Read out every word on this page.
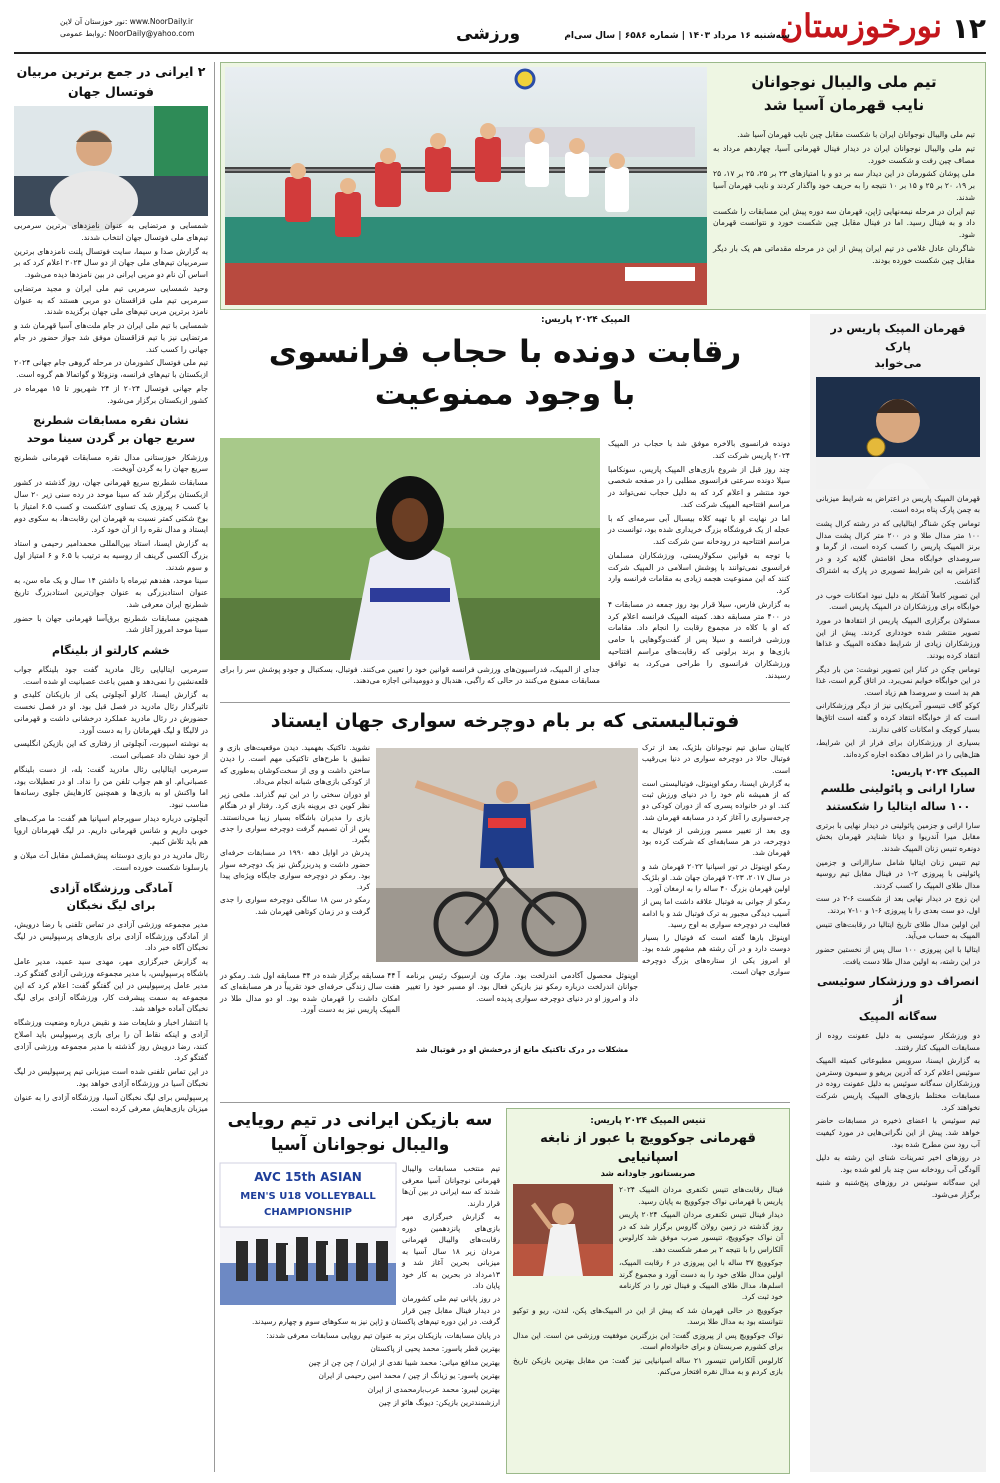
۱۲
نورخوزستان
سه‌شنبه ۱۶ مرداد ۱۴۰۳ | شماره ۶۵۸۶ | سال سی‌ام
ورزشی
نور خوزستان آن لاین: www.NoorDaily.ir
روابط عمومی: NoorDaily@yahoo.com
تیم ملی والیبال نوجوانان
نایب قهرمان آسیا شد

تیم ملی والیبال نوجوانان ایران با شکست مقابل چین نایب قهرمان آسیا شد.

تیم ملی والیبال نوجوانان ایران در دیدار فینال قهرمانی آسیا، چهاردهم مرداد به مصاف چین رفت و شکست خورد.

ملی پوشان کشورمان در این دیدار سه بر دو و با امتیازهای ۲۳ بر ۲۵، ۲۵ بر ۱۷، ۲۵ بر ۱۹، ۲۰ بر ۲۵ و ۱۵ بر ۱۰ نتیجه را به حریف خود واگذار کردند و نایب قهرمان آسیا شدند.

تیم ایران در مرحله نیمه‌نهایی ژاپن، قهرمان سه دوره پیش این مسابقات را شکست داد و به فینال رسید. اما در فینال مقابل چین شکست خورد و نتوانست قهرمان شود.

شاگردان عادل غلامی در تیم ایران پیش از این در مرحله مقدماتی هم یک بار دیگر مقابل چین شکست خورده بودند.

۲ ایرانی در جمع برترین مربیان
فوتسال جهان

شمسایی و مرتضایی به عنوان نامزدهای برترین سرمربی تیم‌های ملی فوتسال جهان انتخاب شدند.

به گزارش صدا و سیما، سایت فوتسال پلنت نامزدهای برترین سرمربیان تیم‌های ملی جهان از دو سال ۲۰۲۳ اعلام کرد که بر اساس آن نام دو مربی ایرانی در بین نامزدها دیده می‌شود.

وحید شمسایی سرمربی تیم ملی ایران و مجید مرتضایی سرمربی تیم ملی قزاقستان دو مربی هستند که به عنوان نامزد برترین مربی تیم‌های ملی جهان برگزیده شدند.

شمسایی با تیم ملی ایران در جام ملت‌های آسیا قهرمان شد و مرتضایی نیز با تیم قزاقستان موفق شد جواز حضور در جام جهانی را کسب کند.

تیم ملی فوتسال کشورمان در مرحله گروهی جام جهانی ۲۰۲۴ ازبکستان با تیم‌های فرانسه، ونزوئلا و گواتمالا هم گروه است.

جام جهانی فوتسال ۲۰۲۴ از ۲۴ شهریور تا ۱۵ مهرماه در کشور ازبکستان برگزار می‌شود.

نشان نقره مسابقات شطرنج
سریع جهان بر گردن سینا موحد

ورزشکار خوزستانی مدال نقره مسابقات قهرمانی شطرنج سریع جهان را به گردن آویخت.

مسابقات شطرنج سریع قهرمانی جهان، روز گذشته در کشور ازبکستان برگزار شد که سینا موحد در رده سنی زیر ۲۰ سال با کسب ۶ پیروزی یک تساوی ۲شکست و کسب ۶.۵ امتیاز با بوخ شکنی کمتر نسبت به قهرمان این رقابت‌ها، به سکوی دوم ایستاد و مدال نقره را از آن خود کرد.

به گزارش ایسنا، استاد بین‌المللی محمدامیر رحیمی و استاد بزرگ آلکسی گرینف از روسیه به ترتیب با ۶.۵ و ۶ امتیاز اول و سوم شدند.

سینا موحد، هفدهم تیرماه با داشتن ۱۴ سال و یک ماه سن، به عنوان استادبزرگی به عنوان جوان‌ترین استادبزرگ تاریخ شطرنج ایران معرفی شد.

همچنین مسابقات شطرنج برق‌آسا قهرمانی جهان با حضور سینا موحد امروز آغاز شد.

خشم کارلتو از بلینگام

سرمربی ایتالیایی رئال مادرید گفت جود بلینگام جواب قلعه‌نشین را نمی‌دهد و همین باعث عصبانیت او شده است.

به گزارش ایسنا، کارلو آنچلوتی یکی از بازیکنان کلیدی و تاثیرگذار رئال مادرید در فصل قبل بود. او در فصل نخست حضورش در رئال مادرید عملکرد درخشانی داشت و قهرمانی در لالیگا و لیگ قهرمانان را به دست آورد.

به نوشته اسپورت، آنچلوتی از رفتاری که این بازیکن انگلیسی از خود نشان داد عصبانی است.

سرمربی ایتالیایی رئال مادرید گفت: بله، از دست بلینگام عصبانی‌ام. او هم جواب تلفن من را نداد. او در تعطیلات بود، اما واکنش او به بازی‌ها و همچنین کارهایش جلوی رسانه‌ها مناسب نبود.

آنچلوتی درباره دیدار سوپرجام اسپانیا هم گفت: ما مرکب‌های خوبی داریم و شانس قهرمانی داریم. در لیگ قهرمانان اروپا هم باید تلاش کنیم.

رئال مادرید در دو بازی دوستانه پیش‌فصلش مقابل آث میلان و بارسلونا شکست خورده است.

آمادگی ورزشگاه آزادی
برای لیگ نخبگان

مدیر مجموعه ورزشی آزادی در تماس تلفنی با رضا درویش، از آمادگی ورزشگاه آزادی برای بازی‌های پرسپولیس در لیگ نخبگان آگاه خبر داد.

به گزارش خبرگزاری مهر، مهدی سید عمید، مدیر عامل باشگاه پرسپولیس، با مدیر مجموعه ورزشی آزادی گفتگو کرد. مدیر عامل پرسپولیس در این گفتگو گفت: اعلام کرد که این مجموعه به سمت پیشرفت کار، ورزشگاه آزادی برای لیگ نخبگان آماده خواهد شد.

با انتشار اخبار و شایعات ضد و نقیض درباره وضعیت ورزشگاه آزادی و اینکه نقاط آن را برای بازی پرسپولیس باید اصلاح کنند، رضا درویش روز گذشته با مدیر مجموعه ورزشی آزادی گفتگو کرد.

در این تماس تلفنی شده است میزبانی تیم پرسپولیس در لیگ نخبگان آسیا در ورزشگاه آزادی خواهد بود.

پرسپولیس برای لیگ نخبگان آسیا، ورزشگاه آزادی را به عنوان میزبان بازی‌هایش معرفی کرده است.

قهرمان المپیک پاریس در پارک
می‌خوابد

قهرمان المپیک پاریس در اعتراض به شرایط میزبانی به چمن پارک پناه برده است.

توماس چکن شناگر ایتالیایی که در رشته کرال پشت ۱۰۰ متر مدال طلا و در ۲۰۰ متر کرال پشت مدال برنز المپیک پاریس را کسب کرده است، از گرما و سروصدای خوابگاه محل اقامتش گلایه کرد و در اعتراض به این شرایط تصویری در پارک به اشتراک گذاشت.

این تصویر کاملاً آشکار به دلیل نبود امکانات خوب در خوابگاه برای ورزشکاران در المپیک پاریس است.

مسئولان برگزاری المپیک پاریس از انتقادها در مورد تصویر منتشر شده خودداری کردند. پیش از این ورزشکاران زیادی از شرایط دهکده المپیک و غذاها انتقاد کرده بودند.

توماس چکن در کنار این تصویر نوشت: من بار دیگر در این خوابگاه خوابم نمی‌برد. در اتاق گرم است، غذا هم بد است و سروصدا هم زیاد است.

کوکو گاف تنیسور آمریکایی نیز از دیگر ورزشکارانی است که از خوابگاه انتقاد کرده و گفته است اتاق‌ها بسیار کوچک و امکانات کافی ندارند.

بسیاری از ورزشکاران برای فرار از این شرایط، هتل‌هایی را در اطراف دهکده اجاره کرده‌اند.

المپیک ۲۰۲۴ پاریس:
سارا ارانی و پائولینی طلسم
۱۰۰ ساله ایتالیا را شکستند

سارا ارانی و جزمین پائولینی در دیدار نهایی با برتری مقابل میرا آندریوا و دیانا شنایدر قهرمان بخش دونفره تنیس زنان المپیک شدند.

تیم تنیس زنان ایتالیا شامل ساراارانی و جزمین پائولینی با پیروزی ۲-۱ در فینال مقابل تیم روسیه مدال طلای المپیک را کسب کردند.

این زوج در دیدار نهایی بعد از شکست ۶-۲ در ست اول، دو ست بعدی را با پیروزی ۶-۱ و ۱۰-۷ بردند.

این اولین مدال طلای تاریخ ایتالیا در رقابت‌های تنیس المپیک به حساب می‌آید.

ایتالیا با این پیروزی ۱۰۰ سال پس از نخستین حضور در این رشته، به اولین مدال طلا دست یافت.

انصراف دو ورزشکار سوئیسی از
سه‌گانه المپیک

دو ورزشکار سوئیسی به دلیل عفونت روده از مسابقات المپیک کنار رفتند.

به گزارش ایسنا، سرویس مطبوعاتی کمیته المپیک سوئیس اعلام کرد که آدرین بریفو و سیمون وسترمن ورزشکاران سه‌گانه سوئیس به دلیل عفونت روده در مسابقات مختلط بازی‌های المپیک پاریس شرکت نخواهند کرد.

تیم سوئیس با اعضای ذخیره در مسابقات حاضر خواهد شد. پیش از این نگرانی‌هایی در مورد کیفیت آب رود سن مطرح شده بود.

در روزهای اخیر تمرینات شنای این رشته به دلیل آلودگی آب رودخانه سن چند بار لغو شده بود.

این سه‌گانه سوئیس در روزهای پنج‌شنبه و شنبه برگزار می‌شود.

المپیک ۲۰۲۴ پاریس:
رقابت دونده با حجاب فرانسوی
با وجود ممنوعیت

دونده فرانسوی بالاخره موفق شد با حجاب در المپیک ۲۰۲۴ پاریس شرکت کند.

چند روز قبل از شروع بازی‌های المپیک پاریس، سونکامبا سیلا دونده سرعتی فرانسوی مطلبی را در صفحه شخصی خود منتشر و اعلام کرد که به دلیل حجاب نمی‌تواند در مراسم افتتاحیه المپیک شرکت کند.

اما در نهایت او با تهیه کلاه بیسبال آبی سرمه‌ای که با عجله از یک فروشگاه بزرگ خریداری شده بود، توانست در مراسم افتتاحیه در رودخانه سن شرکت کند.

با توجه به قوانین سکولاریستی، ورزشکاران مسلمان فرانسوی نمی‌توانند با پوشش اسلامی در المپیک شرکت کنند که این ممنوعیت هجمه زیادی به مقامات فرانسه وارد کرد.

به گزارش فارس، سیلا قرار بود روز جمعه در مسابقات ۴ در ۴۰۰ متر مسابقه دهد. کمیته المپیک فرانسه اعلام کرد که او با کلاه در مجموع رقابت را انجام داد. مقامات ورزشی فرانسه و سیلا پس از گفت‌وگوهایی با حامی بازی‌ها و برند برلونی که رقابت‌های مراسم افتتاحیه ورزشکاران فرانسوی را طراحی می‌کرد، به توافق رسیدند.

جدای از المپیک، فدراسیون‌های ورزشی فرانسه قوانین خود را تعیین می‌کنند. فوتبال، بسکتبال و جودو پوشش سر را برای مسابقات ممنوع می‌کنند در حالی که راگبی، هندبال و دوومیدانی اجازه می‌دهند.
فوتبالیستی که بر بام دوچرخه سواری جهان ایستاد

کاپیتان سابق تیم نوجوانان بلژیک، بعد از ترک فوتبال حالا در دوچرخه سواری در دنیا بی‌رقیب است.

به گزارش ایسنا، رمکو اوپنوئل، فوتبالیستی است که از همیشه نام خود را در دنیای ورزش ثبت کند. او در خانواده پسری که از دوران کودکی دو چرخه‌سواری را آغاز کرد در مسابقه قهرمان شد.

وی بعد از تغییر مسیر ورزشی از فوتبال به دوچرخه، در هر مسابقه‌ای که شرکت کرده بود قهرمان شد.

رمکو اوپنوئل در تور اسپانیا ۲۰۲۲ قهرمان شد و در سال ۲۰۱۷، ۲۰۲۳ قهرمان جهان شد. او بلژیک اولین قهرمان بزرگ ۴۰ ساله را به ارمغان آورد.

رمکو از جوانی به فوتبال علاقه داشت اما پس از آسیب دیدگی مجبور به ترک فوتبال شد و با ادامه فعالیت در دوچرخه سواری به اوج رسید.

اوپنوئل بارها گفته است که فوتبال را بسیار دوست دارد و در آن رشته هم مشهور شده بود. او امروز یکی از ستاره‌های بزرگ دوچرخه سواری جهان است.

نشوید. تاکتیک بفهمید. دیدن موقعیت‌های بازی و تطبیق با طرح‌های تاکتیکی مهم است. را دیدن ساختن داشت و وی از سخت‌کوشان به‌طوری که از کودکی بازی‌های شبانه انجام می‌داد.

او دوران سختی را در این تیم گذراند. ملخی زیر نظر کوین دی بروینه بازی کرد. رفتار او در هنگام بازی را مدیران باشگاه بسیار زیبا می‌دانستند. پس از آن تصمیم گرفت دوچرخه سواری را جدی بگیرد.

پدرش در اوایل دهه ۱۹۹۰ در مسابقات حرفه‌ای حضور داشت و پدربزرگش نیز یک دوچرخه سوار بود. رمکو در دوچرخه سواری جایگاه ویژه‌ای پیدا کرد.

رمکو در سن ۱۸ سالگی دوچرخه سواری را جدی گرفت و در زمان کوتاهی قهرمان شد.

آ ۴۴ مسابقه برگزار شده در ۳۴ مسابقه اول شد. رمکو در هفت سال زندگی حرفه‌ای خود تقریباً در هر مسابقه‌ای که امکان داشت را قهرمان شده بود. او دو مدال طلا در المپیک پاریس نیز به دست آورد.
اوپنوئل محصول آکادمی اندرلخت بود. مارک ون ارسیوک رئیس برنامه جوانان اندرلخت درباره رمکو نیز بازیکن فعال بود. او مسیر خود را تغییر داد و امروز او در دنیای دوچرخه سواری پدیده است.
مشکلات در درک تاکتیک مانع از درخشش او در فوتبال شد
تنیس المپیک ۲۰۲۴ پاریس:
قهرمانی جوکوویچ با عبور از نابغه اسپانیایی
صربستانور جاودانه شد

فینال رقابت‌های تنیس تکنفری مردان المپیک ۲۰۲۴ پاریس با قهرمانی نواک جوکوویچ به پایان رسید.

دیدار فینال تنیس تکنفری مردان المپیک ۲۰۲۴ پاریس روز گذشته در زمین رولان گاروس برگزار شد که در آن نواک جوکوویچ، تنیسور صرب موفق شد کارلوس آلکاراس را با نتیجه ۲ بر صفر شکست دهد.

جوکوویچ ۳۷ ساله با این پیروزی در ۶ رقابت المپیک، اولین مدال طلای خود را به دست آورد و مجموع گرند اسلم‌ها، مدال طلای المپیک و فینال تور را در کارنامه خود ثبت کرد.

جوکوویچ در حالی قهرمان شد که پیش از این در المپیک‌های پکن، لندن، ریو و توکیو نتوانسته بود به مدال طلا برسد.

نواک جوکوویچ پس از پیروزی گفت: این بزرگترین موفقیت ورزشی من است. این مدال برای کشورم صربستان و برای خانواده‌ام است.

کارلوس آلکاراس تنیسور ۲۱ ساله اسپانیایی نیز گفت: من مقابل بهترین بازیکن تاریخ بازی کردم و به مدال نقره افتخار می‌کنم.

سه بازیکن ایرانی در تیم رویایی
والیبال نوجوانان آسیا
AVC 15th ASIAN
MEN'S U18 VOLLEYBALL
CHAMPIONSHIP

تیم منتخب مسابقات والیبال قهرمانی نوجوانان آسیا معرفی شدند که سه ایرانی در بین آن‌ها قرار دارند.

به گزارش خبرگزاری مهر بازی‌های پانزدهمین دوره رقابت‌های والیبال قهرمانی مردان زیر ۱۸ سال آسیا به میزبانی بحرین آغاز شد و ۱۳مرداد در بحرین به کار خود پایان داد.

در روز پایانی تیم ملی کشورمان در دیدار فینال مقابل چین قرار گرفت. در این دوره تیم‌های پاکستان و ژاپن نیز به سکوهای سوم و چهارم رسیدند.

در پایان مسابقات، بازیکنان برتر به عنوان تیم رویایی مسابقات معرفی شدند:

بهترین قطر یاسور: محمد یحیی از پاکستان

بهترین مدافع میانی: محمد شیبا نقدی از ایران / چن چن از چین

بهترین پاسور: یو زیانگ از چین / محمد امین رحیمی از ایران

بهترین لیبرو: محمد عرب‌بارمحمدی از ایران

ارزشمندترین بازیکن: دیونگ هائو از چین
